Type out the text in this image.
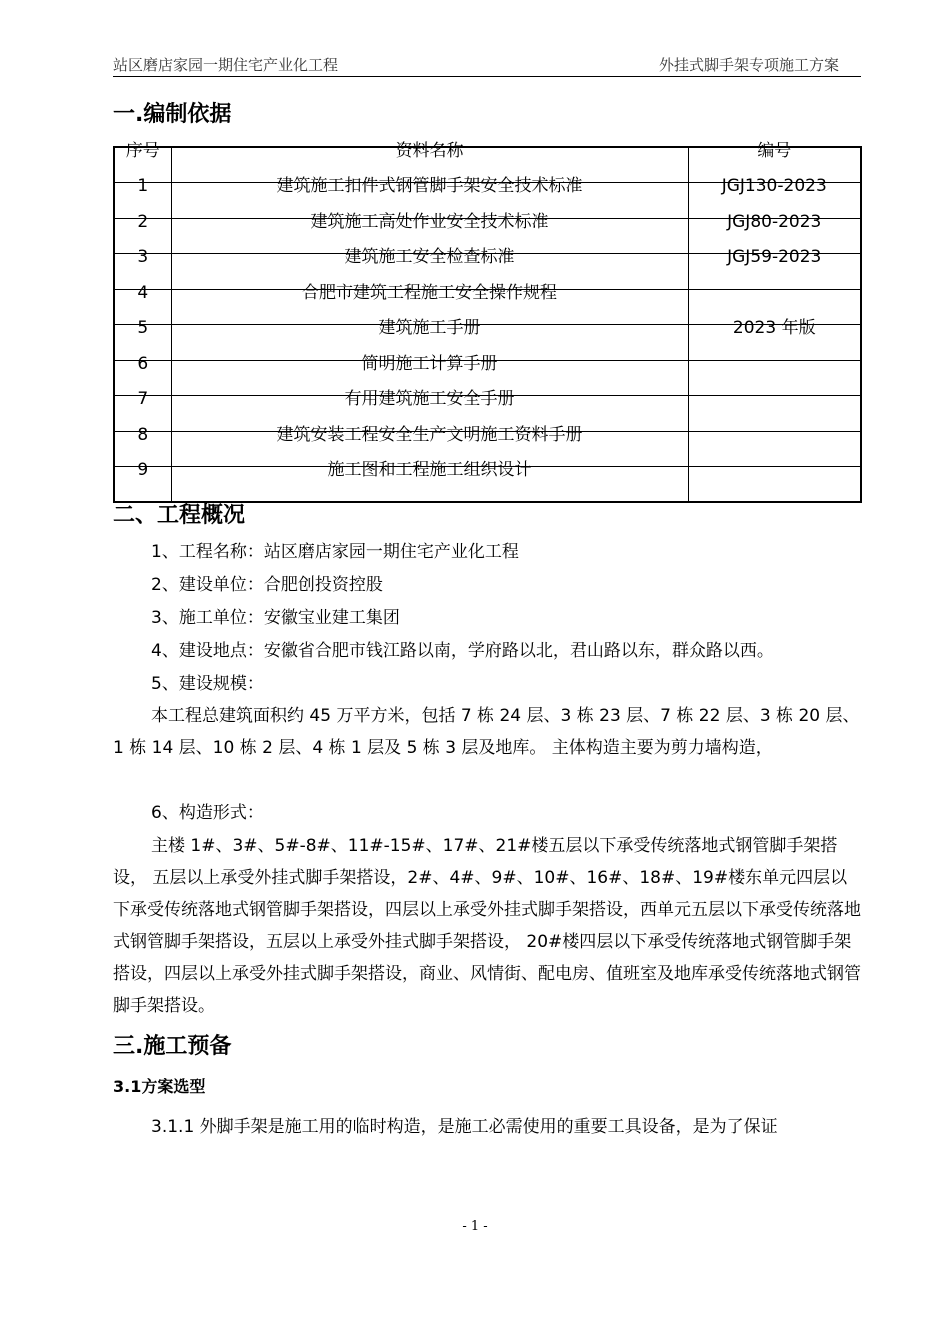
站区磨店家园一期住宅产业化工程	外挂式脚手架专项施工方案
一.编制依据
序号	资料名称	编号
1	建筑施工扣件式钢管脚手架安全技术标准	JGJ130-2023
2	建筑施工高处作业安全技术标准	JGJ80-2023
3	建筑施工安全检查标准	JGJ59-2023
4	合肥市建筑工程施工安全操作规程	
5	建筑施工手册	2023 年版
6	简明施工计算手册	
7	有用建筑施工安全手册	
8	建筑安装工程安全生产文明施工资料手册	
9	施工图和工程施工组织设计	
二、工程概况
1、工程名称：站区磨店家园一期住宅产业化工程
2、建设单位：合肥创投资控股
3、施工单位：安徽宝业建工集团
4、建设地点：安徽省合肥市钱江路以南，学府路以北，君山路以东，群众路以西。
5、建设规模：
本工程总建筑面积约 45 万平方米，包括 7 栋 24 层、3 栋 23 层、7 栋 22 层、3 栋 20 层、1 栋 14 层、10 栋 2 层、4 栋 1 层及 5 栋 3 层及地库。 主体构造主要为剪力墙构造，
6、构造形式：
主楼 1#、3#、5#-8#、11#-15#、17#、21#楼五层以下承受传统落地式钢管脚手架搭设， 五层以上承受外挂式脚手架搭设，2#、4#、9#、10#、16#、18#、19#楼东单元四层以下承受传统落地式钢管脚手架搭设，四层以上承受外挂式脚手架搭设，西单元五层以下承受传统落地式钢管脚手架搭设，五层以上承受外挂式脚手架搭设， 20#楼四层以下承受传统落地式钢管脚手架搭设，四层以上承受外挂式脚手架搭设，商业、风情街、配电房、值班室及地库承受传统落地式钢管脚手架搭设。
三.施工预备
3.1方案选型
3.1.1 外脚手架是施工用的临时构造，是施工必需使用的重要工具设备，是为了保证
- 1 -
